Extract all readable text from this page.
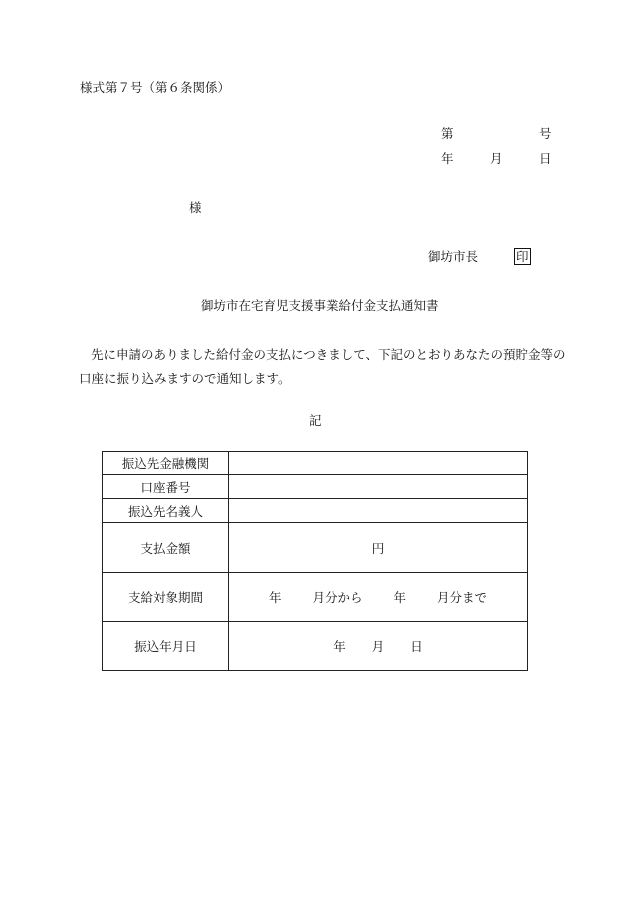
様式第７号（第６条関係）
第	号
年	月	日
様
御坊市長	印
御坊市在宅育児支援事業給付金支払通知書
先に申請のありました給付金の支払につきまして、下記のとおりあなたの預貯金等の
口座に振り込みますので通知します。
記
振込先金融機関	
口座番号	
振込先名義人	
支払金額	円
支給対象期間	年 月分から 年 月分まで
振込年月日	年 月 日
